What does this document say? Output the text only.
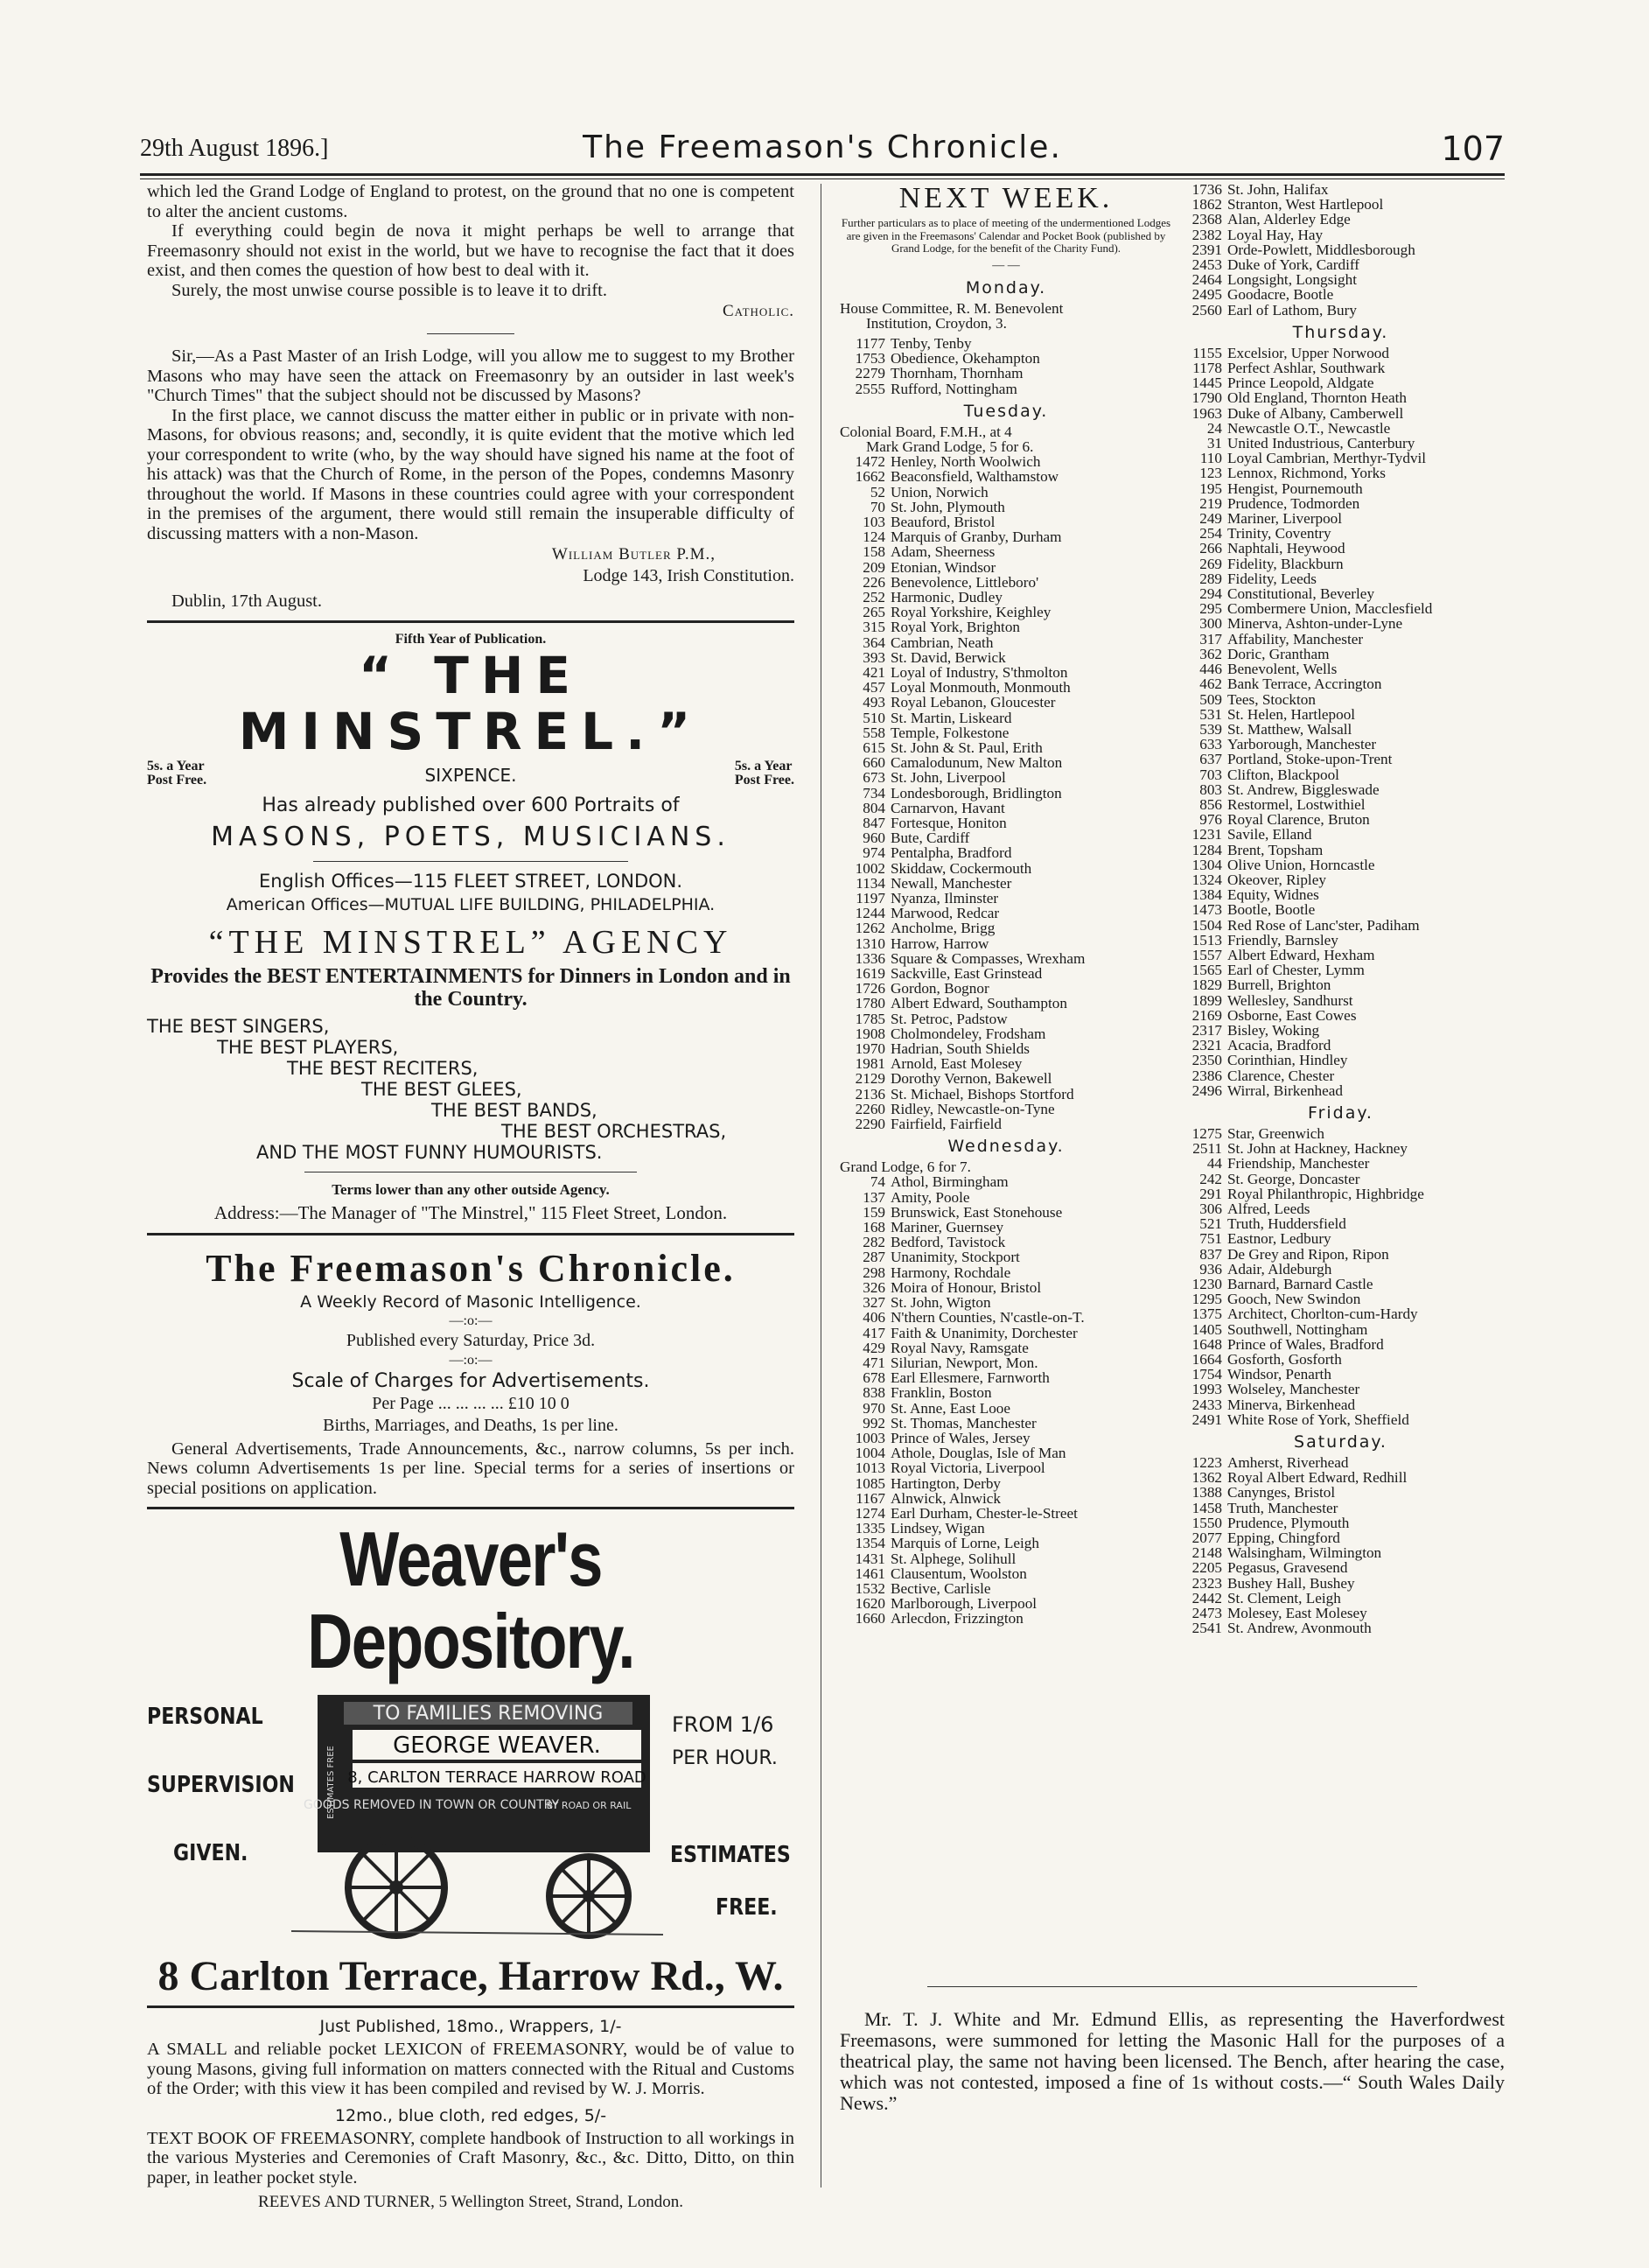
29th August 1896.]	The Freemason's Chronicle.	107

which led the Grand Lodge of England to protest, on the ground that no one is competent to alter the ancient customs.

If everything could begin de nova it might perhaps be well to arrange that Freemasonry should not exist in the world, but we have to recognise the fact that it does exist, and then comes the question of how best to deal with it.

Surely, the most unwise course possible is to leave it to drift.

Catholic.

Sir,—As a Past Master of an Irish Lodge, will you allow me to suggest to my Brother Masons who may have seen the attack on Freemasonry by an outsider in last week's "Church Times" that the subject should not be discussed by Masons?

In the first place, we cannot discuss the matter either in public or in private with non-Masons, for obvious reasons; and, secondly, it is quite evident that the motive which led your correspondent to write (who, by the way should have signed his name at the foot of his attack) was that the Church of Rome, in the person of the Popes, condemns Masonry throughout the world. If Masons in these countries could agree with your correspondent in the premises of the argument, there would still remain the insuperable difficulty of discussing matters with a non-Mason.

William Butler P.M.,

Lodge 143, Irish Constitution.

Dublin, 17th August.

Fifth Year of Publication.

“ THE MINSTREL.”

5s. a Year
Post Free.	SIXPENCE.	5s. a Year
Post Free.

Has already published over 600 Portraits of

MASONS, POETS, MUSICIANS.

English Offices—115 FLEET STREET, LONDON.

American Offices—MUTUAL LIFE BUILDING, PHILADELPHIA.

“THE MINSTREL” AGENCY

Provides the BEST ENTERTAINMENTS for Dinners in London and in the Country.

THE BEST SINGERS,

THE BEST PLAYERS,

THE BEST RECITERS,

THE BEST GLEES,

THE BEST BANDS,

THE BEST ORCHESTRAS,

AND THE MOST FUNNY HUMOURISTS.

Terms lower than any other outside Agency.

Address:—The Manager of "The Minstrel," 115 Fleet Street, London.

The Freemason's Chronicle.

A Weekly Record of Masonic Intelligence.

—:o:—

Published every Saturday, Price 3d.

—:o:—

Scale of Charges for Advertisements.

Per Page ... ... ... ... £10 10 0

Births, Marriages, and Deaths, 1s per line.

General Advertisements, Trade Announcements, &c., narrow columns, 5s per inch. News column Advertisements 1s per line. Special terms for a series of insertions or special positions on application.

Weaver's Depository.

PERSONAL
SUPERVISION
GIVEN.
TO FAMILIES REMOVING
GEORGE WEAVER.
8, CARLTON TERRACE HARROW ROAD
GOODS REMOVED IN TOWN OR COUNTRY
BY ROAD OR RAIL
ESTIMATES FREE
FROM 1/6
PER HOUR.
ESTIMATES
FREE.

8 Carlton Terrace, Harrow Rd., W.

Just Published, 18mo., Wrappers, 1/-

A SMALL and reliable pocket LEXICON of FREEMASONRY, would be of value to young Masons, giving full information on matters connected with the Ritual and Customs of the Order; with this view it has been compiled and revised by W. J. Morris.

12mo., blue cloth, red edges, 5/-

TEXT BOOK OF FREEMASONRY, complete handbook of Instruction to all workings in the various Mysteries and Ceremonies of Craft Masonry, &c., &c. Ditto, Ditto, on thin paper, in leather pocket style.

REEVES AND TURNER, 5 Wellington Street, Strand, London.

NEXT WEEK.

Further particulars as to place of meeting of the undermentioned Lodges are given in the Freemasons' Calendar and Pocket Book (published by Grand Lodge, for the benefit of the Charity Fund).

— —

Monday.

House Committee, R. M. Benevolent

Institution, Croydon, 3.

1177 Tenby, Tenby

1753 Obedience, Okehampton

2279 Thornham, Thornham

2555 Rufford, Nottingham

Tuesday.

Colonial Board, F.M.H., at 4

Mark Grand Lodge, 5 for 6.

1472 Henley, North Woolwich

1662 Beaconsfield, Walthamstow

52 Union, Norwich

70 St. John, Plymouth

103 Beauford, Bristol

124 Marquis of Granby, Durham

158 Adam, Sheerness

209 Etonian, Windsor

226 Benevolence, Littleboro'

252 Harmonic, Dudley

265 Royal Yorkshire, Keighley

315 Royal York, Brighton

364 Cambrian, Neath

393 St. David, Berwick

421 Loyal of Industry, S'thmolton

457 Loyal Monmouth, Monmouth

493 Royal Lebanon, Gloucester

510 St. Martin, Liskeard

558 Temple, Folkestone

615 St. John & St. Paul, Erith

660 Camalodunum, New Malton

673 St. John, Liverpool

734 Londesborough, Bridlington

804 Carnarvon, Havant

847 Fortesque, Honiton

960 Bute, Cardiff

974 Pentalpha, Bradford

1002 Skiddaw, Cockermouth

1134 Newall, Manchester

1197 Nyanza, Ilminster

1244 Marwood, Redcar

1262 Ancholme, Brigg

1310 Harrow, Harrow

1336 Square & Compasses, Wrexham

1619 Sackville, East Grinstead

1726 Gordon, Bognor

1780 Albert Edward, Southampton

1785 St. Petroc, Padstow

1908 Cholmondeley, Frodsham

1970 Hadrian, South Shields

1981 Arnold, East Molesey

2129 Dorothy Vernon, Bakewell

2136 St. Michael, Bishops Stortford

2260 Ridley, Newcastle-on-Tyne

2290 Fairfield, Fairfield

Wednesday.

Grand Lodge, 6 for 7.

74 Athol, Birmingham

137 Amity, Poole

159 Brunswick, East Stonehouse

168 Mariner, Guernsey

282 Bedford, Tavistock

287 Unanimity, Stockport

298 Harmony, Rochdale

326 Moira of Honour, Bristol

327 St. John, Wigton

406 N'thern Counties, N'castle-on-T.

417 Faith & Unanimity, Dorchester

429 Royal Navy, Ramsgate

471 Silurian, Newport, Mon.

678 Earl Ellesmere, Farnworth

838 Franklin, Boston

970 St. Anne, East Looe

992 St. Thomas, Manchester

1003 Prince of Wales, Jersey

1004 Athole, Douglas, Isle of Man

1013 Royal Victoria, Liverpool

1085 Hartington, Derby

1167 Alnwick, Alnwick

1274 Earl Durham, Chester-le-Street

1335 Lindsey, Wigan

1354 Marquis of Lorne, Leigh

1431 St. Alphege, Solihull

1461 Clausentum, Woolston

1532 Bective, Carlisle

1620 Marlborough, Liverpool

1660 Arlecdon, Frizzington

1736 St. John, Halifax

1862 Stranton, West Hartlepool

2368 Alan, Alderley Edge

2382 Loyal Hay, Hay

2391 Orde-Powlett, Middlesborough

2453 Duke of York, Cardiff

2464 Longsight, Longsight

2495 Goodacre, Bootle

2560 Earl of Lathom, Bury

Thursday.

1155 Excelsior, Upper Norwood

1178 Perfect Ashlar, Southwark

1445 Prince Leopold, Aldgate

1790 Old England, Thornton Heath

1963 Duke of Albany, Camberwell

24 Newcastle O.T., Newcastle

31 United Industrious, Canterbury

110 Loyal Cambrian, Merthyr-Tydvil

123 Lennox, Richmond, Yorks

195 Hengist, Pournemouth

219 Prudence, Todmorden

249 Mariner, Liverpool

254 Trinity, Coventry

266 Naphtali, Heywood

269 Fidelity, Blackburn

289 Fidelity, Leeds

294 Constitutional, Beverley

295 Combermere Union, Macclesfield

300 Minerva, Ashton-under-Lyne

317 Affability, Manchester

362 Doric, Grantham

446 Benevolent, Wells

462 Bank Terrace, Accrington

509 Tees, Stockton

531 St. Helen, Hartlepool

539 St. Matthew, Walsall

633 Yarborough, Manchester

637 Portland, Stoke-upon-Trent

703 Clifton, Blackpool

803 St. Andrew, Biggleswade

856 Restormel, Lostwithiel

976 Royal Clarence, Bruton

1231 Savile, Elland

1284 Brent, Topsham

1304 Olive Union, Horncastle

1324 Okeover, Ripley

1384 Equity, Widnes

1473 Bootle, Bootle

1504 Red Rose of Lanc'ster, Padiham

1513 Friendly, Barnsley

1557 Albert Edward, Hexham

1565 Earl of Chester, Lymm

1829 Burrell, Brighton

1899 Wellesley, Sandhurst

2169 Osborne, East Cowes

2317 Bisley, Woking

2321 Acacia, Bradford

2350 Corinthian, Hindley

2386 Clarence, Chester

2496 Wirral, Birkenhead

Friday.

1275 Star, Greenwich

2511 St. John at Hackney, Hackney

44 Friendship, Manchester

242 St. George, Doncaster

291 Royal Philanthropic, Highbridge

306 Alfred, Leeds

521 Truth, Huddersfield

751 Eastnor, Ledbury

837 De Grey and Ripon, Ripon

936 Adair, Aldeburgh

1230 Barnard, Barnard Castle

1295 Gooch, New Swindon

1375 Architect, Chorlton-cum-Hardy

1405 Southwell, Nottingham

1648 Prince of Wales, Bradford

1664 Gosforth, Gosforth

1754 Windsor, Penarth

1993 Wolseley, Manchester

2433 Minerva, Birkenhead

2491 White Rose of York, Sheffield

Saturday.

1223 Amherst, Riverhead

1362 Royal Albert Edward, Redhill

1388 Canynges, Bristol

1458 Truth, Manchester

1550 Prudence, Plymouth

2077 Epping, Chingford

2148 Walsingham, Wilmington

2205 Pegasus, Gravesend

2323 Bushey Hall, Bushey

2442 St. Clement, Leigh

2473 Molesey, East Molesey

2541 St. Andrew, Avonmouth

Mr. T. J. White and Mr. Edmund Ellis, as representing the Haverfordwest Freemasons, were summoned for letting the Masonic Hall for the purposes of a theatrical play, the same not having been licensed. The Bench, after hearing the case, which was not contested, imposed a fine of 1s without costs.—“ South Wales Daily News.”
